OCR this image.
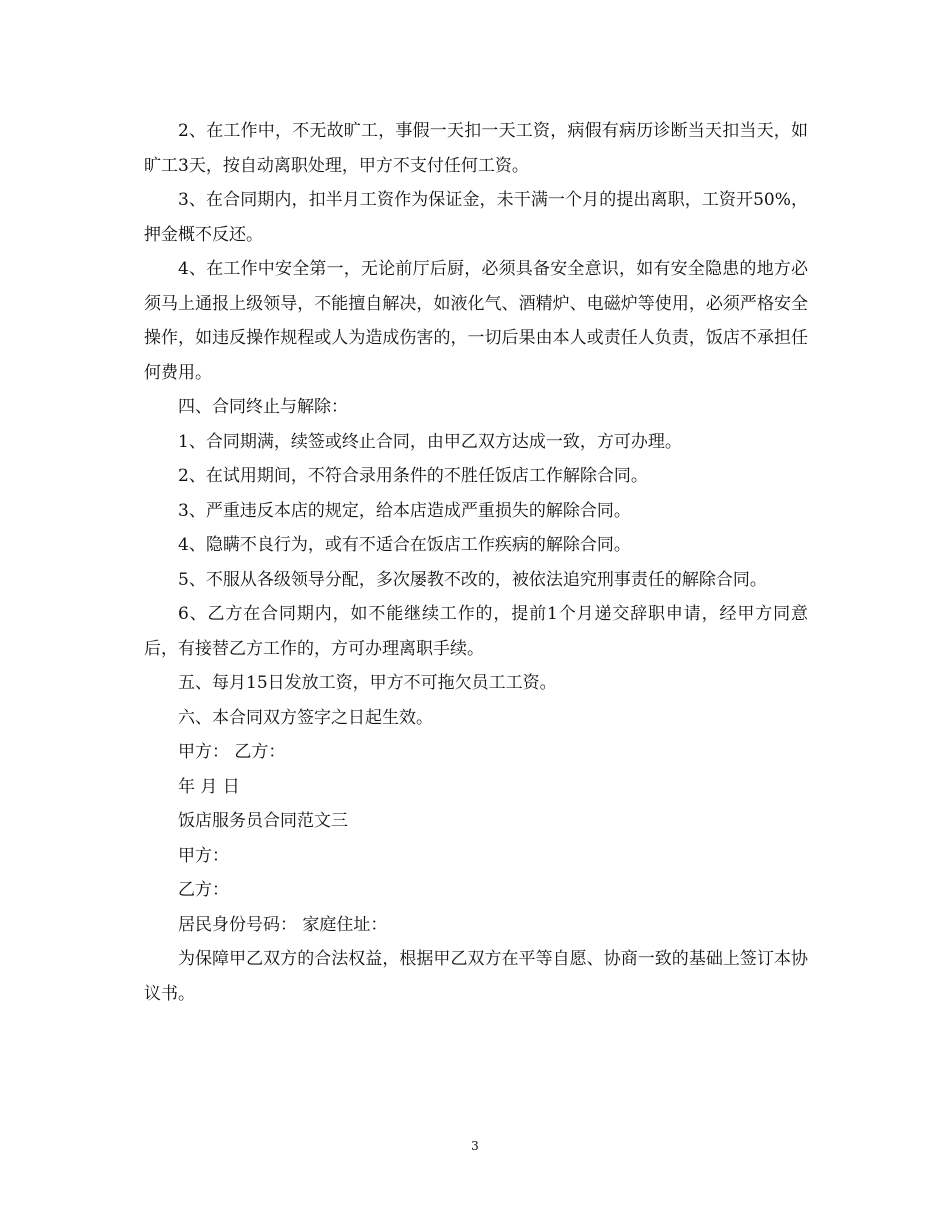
2、在工作中，不无故旷工，事假一天扣一天工资，病假有病历诊断当天扣当天，如旷工3天，按自动离职处理，甲方不支付任何工资。

3、在合同期内，扣半月工资作为保证金，未干满一个月的提出离职，工资开50%，押金概不反还。

4、在工作中安全第一，无论前厅后厨，必须具备安全意识，如有安全隐患的地方必须马上通报上级领导，不能擅自解决，如液化气、酒精炉、电磁炉等使用，必须严格安全操作，如违反操作规程或人为造成伤害的，一切后果由本人或责任人负责，饭店不承担任何费用。

四、合同终止与解除：

1、合同期满，续签或终止合同，由甲乙双方达成一致，方可办理。

2、在试用期间，不符合录用条件的不胜任饭店工作解除合同。

3、严重违反本店的规定，给本店造成严重损失的解除合同。

4、隐瞒不良行为，或有不适合在饭店工作疾病的解除合同。

5、不服从各级领导分配，多次屡教不改的，被依法追究刑事责任的解除合同。

6、乙方在合同期内，如不能继续工作的，提前1个月递交辞职申请，经甲方同意后，有接替乙方工作的，方可办理离职手续。

五、每月15日发放工资，甲方不可拖欠员工工资。

六、本合同双方签字之日起生效。

甲方： 乙方：

年 月 日

饭店服务员合同范文三

甲方：

乙方：

居民身份号码： 家庭住址：

为保障甲乙双方的合法权益，根据甲乙双方在平等自愿、协商一致的基础上签订本协议书。

3
